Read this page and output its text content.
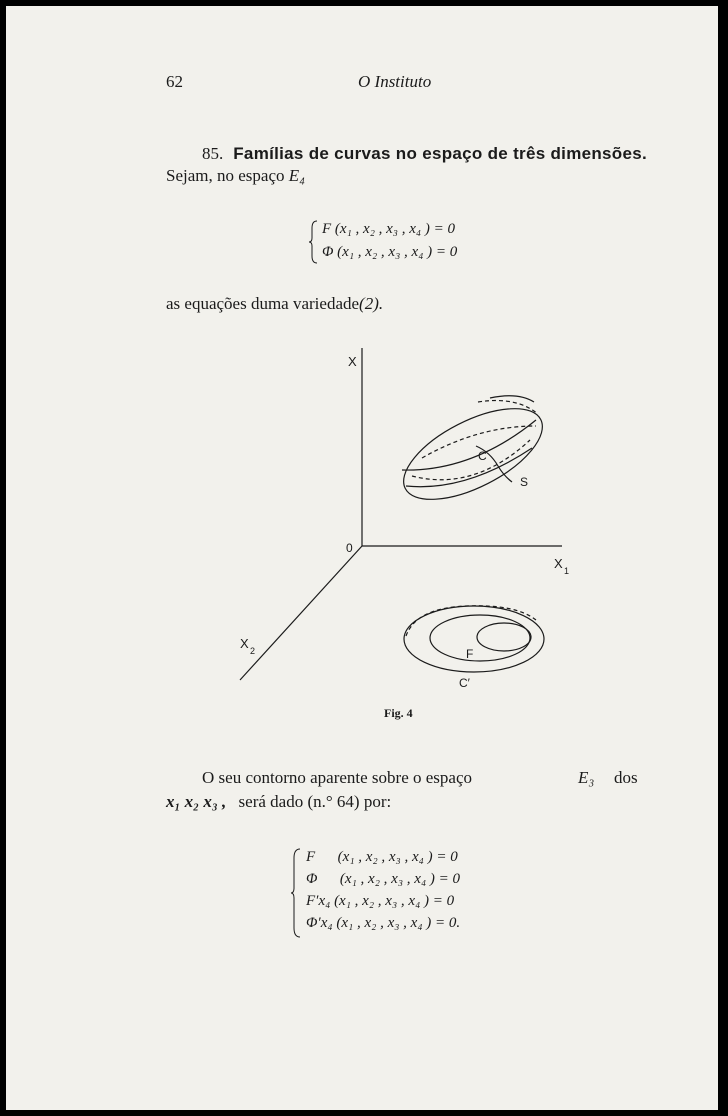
62	O Instituto
85. Famílias de curvas no espaço de três dimensões.
Sejam, no espaço E₄
F (x₁ , x₂ , x₃ , x₄ ) = 0
Φ (x₁ , x₂ , x₃ , x₄ ) = 0
as equações duma variedade(2).
X
0
X 1
X 2
C
S
F
C′
Fig. 4
O seu contorno aparente sobre o espaço	E₃ dos
x₁ x₂ x₃ , será dado (n.° 64) por:
F      (x₁ , x₂ , x₃ , x₄ ) = 0
Φ      (x₁ , x₂ , x₃ , x₄ ) = 0
F′x₄ (x₁ , x₂ , x₃ , x₄ ) = 0
Φ′x₄ (x₁ , x₂ , x₃ , x₄ ) = 0.
